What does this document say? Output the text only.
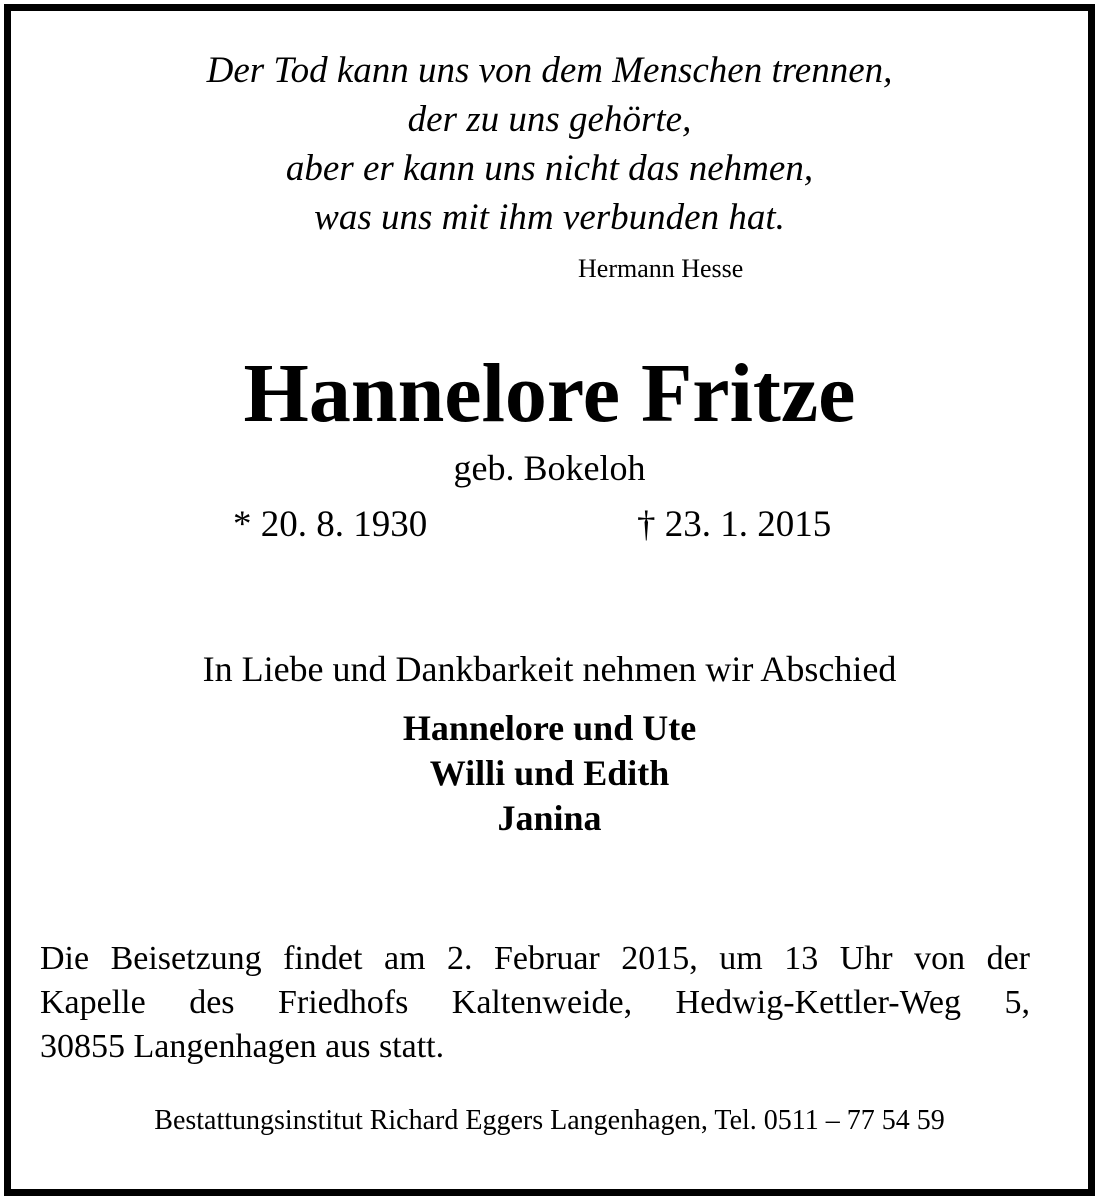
Der Tod kann uns von dem Menschen trennen,
der zu uns gehörte,
aber er kann uns nicht das nehmen,
was uns mit ihm verbunden hat.
Hermann Hesse
Hannelore Fritze
geb. Bokeloh
* 20. 8. 1930	† 23. 1. 2015
In Liebe und Dankbarkeit nehmen wir Abschied
Hannelore und Ute
Willi und Edith
Janina
Die Beisetzung findet am 2. Februar 2015, um 13 Uhr von der
Kapelle des Friedhofs Kaltenweide, Hedwig-Kettler-Weg 5,
30855 Langenhagen aus statt.
Bestattungsinstitut Richard Eggers Langenhagen, Tel. 0511 – 77 54 59
